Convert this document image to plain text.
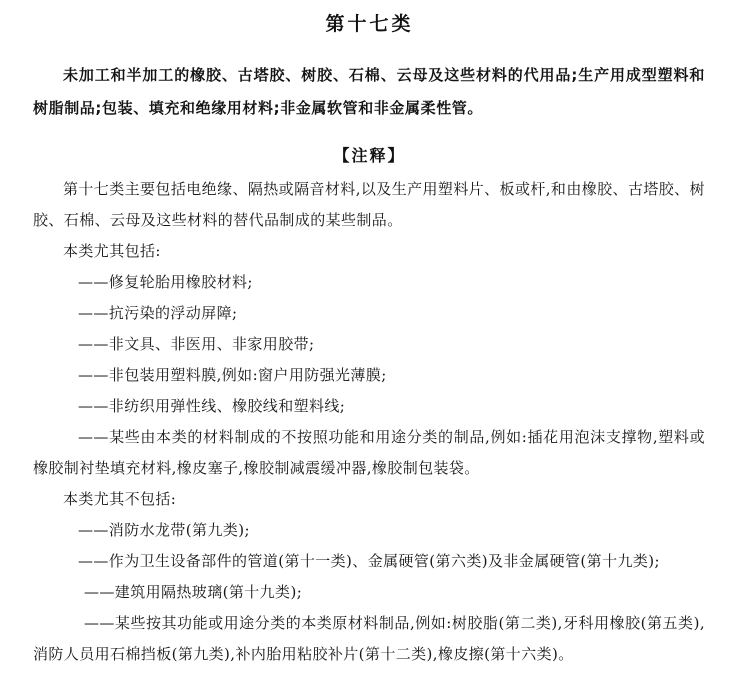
第十七类

未加工和半加工的橡胶、古塔胶、树胶、石棉、云母及这些材料的代用品;生产用成型塑料和树脂制品;包装、填充和绝缘用材料;非金属软管和非金属柔性管。

【注释】

第十七类主要包括电绝缘、隔热或隔音材料,以及生产用塑料片、板或杆,和由橡胶、古塔胶、树胶、石棉、云母及这些材料的替代品制成的某些制品。

本类尤其包括:

——修复轮胎用橡胶材料;

——抗污染的浮动屏障;

——非文具、非医用、非家用胶带;

——非包装用塑料膜,例如:窗户用防强光薄膜;

——非纺织用弹性线、橡胶线和塑料线;

——某些由本类的材料制成的不按照功能和用途分类的制品,例如:插花用泡沫支撑物,塑料或橡胶制衬垫填充材料,橡皮塞子,橡胶制减震缓冲器,橡胶制包装袋。

本类尤其不包括:

——消防水龙带(第九类);

——作为卫生设备部件的管道(第十一类)、金属硬管(第六类)及非金属硬管(第十九类);

——建筑用隔热玻璃(第十九类);

——某些按其功能或用途分类的本类原材料制品,例如:树胶脂(第二类),牙科用橡胶(第五类),消防人员用石棉挡板(第九类),补内胎用粘胶补片(第十二类),橡皮擦(第十六类)。
